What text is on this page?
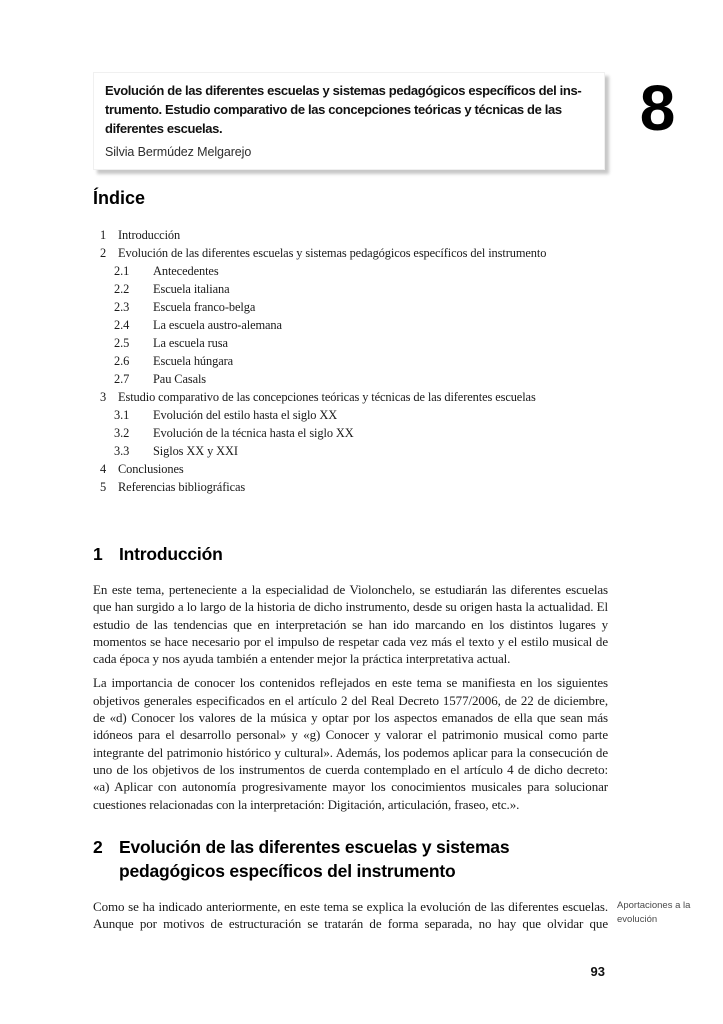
Evolución de las diferentes escuelas y sistemas pedagógicos específicos del ins-
trumento. Estudio comparativo de las concepciones teóricas y técnicas de las
diferentes escuelas.

Silvia Bermúdez Melgarejo

8
Índice
1 Introducción
2 Evolución de las diferentes escuelas y sistemas pedagógicos específicos del instrumento
2.1	Antecedentes
2.2	Escuela italiana
2.3	Escuela franco-belga
2.4	La escuela austro-alemana
2.5	La escuela rusa
2.6	Escuela húngara
2.7	Pau Casals
3 Estudio comparativo de las concepciones teóricas y técnicas de las diferentes escuelas
3.1	Evolución del estilo hasta el siglo XX
3.2	Evolución de la técnica hasta el siglo XX
3.3	Siglos XX y XXI
4 Conclusiones
5 Referencias bibliográficas
1 Introducción

En este tema, perteneciente a la especialidad de Violonchelo, se estudiarán las diferentes escuelas que han surgido a lo largo de la historia de dicho instrumento, desde su origen hasta la actualidad. El estudio de las tendencias que en interpretación se han ido marcando en los distintos lugares y momentos se hace necesario por el impulso de respetar cada vez más el texto y el estilo musical de cada época y nos ayuda también a entender mejor la práctica interpretativa actual.

La importancia de conocer los contenidos reflejados en este tema se manifiesta en los siguientes objetivos generales especificados en el artículo 2 del Real Decreto 1577/2006, de 22 de diciembre, de «d) Conocer los valores de la música y optar por los aspectos emanados de ella que sean más idóneos para el desarrollo personal» y «g) Conocer y valorar el patrimonio musical como parte integrante del patrimonio histórico y cultural». Además, los podemos aplicar para la consecución de uno de los objetivos de los instrumentos de cuerda contemplado en el artículo 4 de dicho decreto: «a) Aplicar con autonomía progresivamente mayor los conocimientos musicales para solucionar cuestiones relacionadas con la interpretación: Digitación, articulación, fraseo, etc.».

2 Evolución de las diferentes escuelas y sistemas pedagógicos específicos del instrumento

Como se ha indicado anteriormente, en este tema se explica la evolución de las diferentes escuelas. Aunque por motivos de estructuración se tratarán de forma separada, no hay que olvidar que
Aportaciones a la evolución

93
